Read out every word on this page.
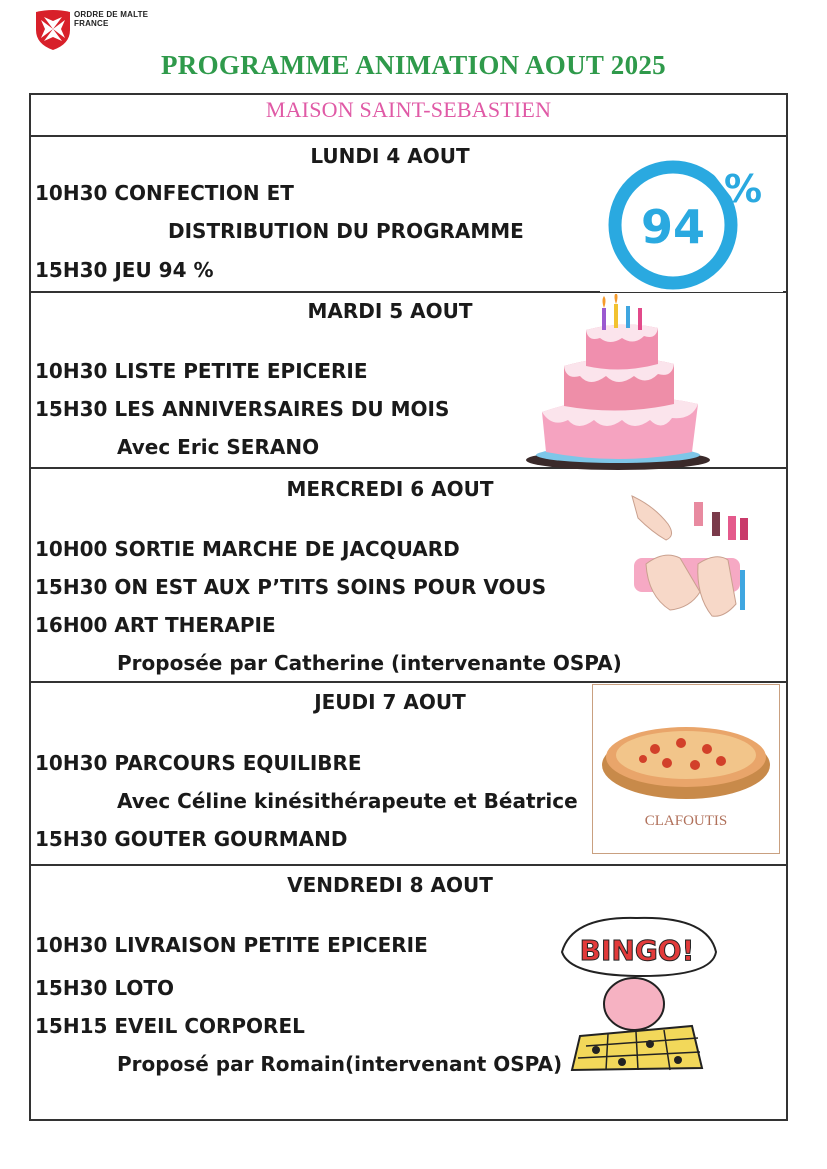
ORDRE DE MALTE
FRANCE
PROGRAMME ANIMATION AOUT 2025
MAISON SAINT-SEBASTIEN
LUNDI 4 AOUT
10H30 CONFECTION ET
DISTRIBUTION DU PROGRAMME
15H30 JEU 94 %
MARDI 5 AOUT
10H30 LISTE PETITE EPICERIE
15H30 LES ANNIVERSAIRES DU MOIS
Avec Eric SERANO
MERCREDI 6 AOUT
10H00 SORTIE MARCHE DE JACQUARD
15H30 ON EST AUX P’TITS SOINS POUR VOUS
16H00 ART THERAPIE
Proposée par Catherine (intervenante OSPA)
JEUDI 7 AOUT
10H30 PARCOURS EQUILIBRE
Avec Céline kinésithérapeute et Béatrice
15H30 GOUTER GOURMAND
VENDREDI 8 AOUT
10H30 LIVRAISON PETITE EPICERIE
15H30 LOTO
15H15 EVEIL CORPOREL
Proposé par Romain(intervenant OSPA)
94
%
CLAFOUTIS
BINGO!
